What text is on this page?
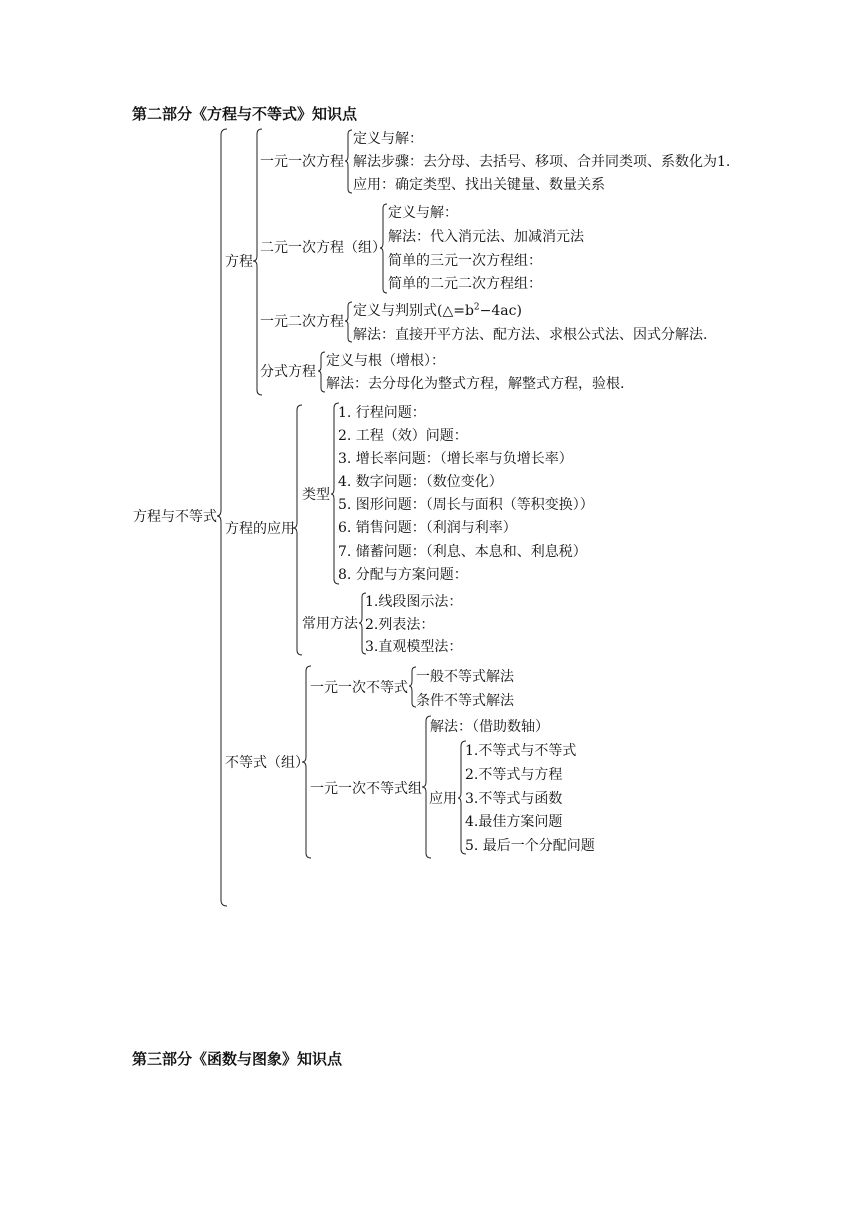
第二部分《方程与不等式》知识点
第三部分《函数与图象》知识点
方程与不等式
方程
一元一次方程
定义与解：
解法步骤：去分母、去括号、移项、合并同类项、系数化为1.
应用：确定类型、找出关键量、数量关系
二元一次方程（组）
定义与解：
解法：代入消元法、加减消元法
简单的三元一次方程组：
简单的二元二次方程组：
一元二次方程
定义与判别式$(\triangle=b^2-4ac)$
解法：直接开平方法、配方法、求根公式法、因式分解法.
分式方程
定义与根（增根）：
解法：去分母化为整式方程，解整式方程，验根.
方程的应用
类型
1. 行程问题：
2. 工程（效）问题：
3. 增长率问题：（增长率与负增长率）
4. 数字问题：（数位变化）
5. 图形问题：（周长与面积（等积变换））
6. 销售问题：（利润与利率）
7. 储蓄问题：（利息、本息和、利息税）
8. 分配与方案问题：
常用方法
1.线段图示法：
2.列表法：
3.直观模型法：
不等式（组）
一元一次不等式
一般不等式解法
条件不等式解法
一元一次不等式组
解法：（借助数轴）
应用
1.不等式与不等式
2.不等式与方程
3.不等式与函数
4.最佳方案问题
5. 最后一个分配问题
